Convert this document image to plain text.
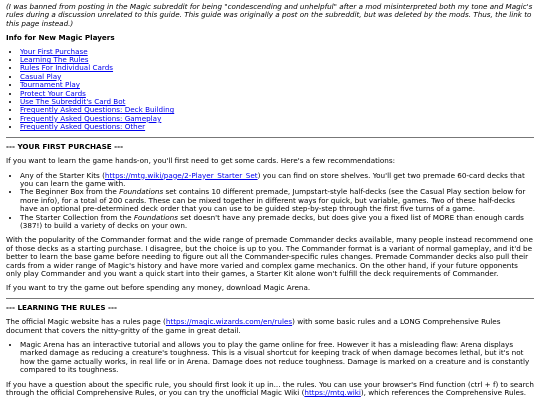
(I was banned from posting in the Magic subreddit for being "condescending and unhelpful" after a mod misinterpreted both my tone and Magic's rules during a discussion unrelated to this guide. This guide was originally a post on the subreddit, but was deleted by the mods. Thus, the link to this page instead.)

Info for New Magic Players

• Your First Purchase
• Learning The Rules
• Rules For Individual Cards
• Casual Play
• Tournament Play
• Protect Your Cards
• Use The Subreddit's Card Bot
• Frequently Asked Questions: Deck Building
• Frequently Asked Questions: Gameplay
• Frequently Asked Questions: Other

--- YOUR FIRST PURCHASE ---

If you want to learn the game hands-on, you'll first need to get some cards. Here's a few recommendations:

• Any of the Starter Kits (https://mtg.wiki/page/2-Player_Starter_Set) you can find on store shelves. You'll get two premade 60-card decks that you can learn the game with.
• The Beginner Box from the Foundations set contains 10 different premade, Jumpstart-style half-decks (see the Casual Play section below for more info), for a total of 200 cards. These can be mixed together in different ways for quick, but variable, games. Two of these half-decks have an optional pre-determined deck order that you can use to be guided step-by-step through the first five turns of a game.
• The Starter Collection from the Foundations set doesn't have any premade decks, but does give you a fixed list of MORE than enough cards (387!) to build a variety of decks on your own.

With the popularity of the Commander format and the wide range of premade Commander decks available, many people instead recommend one of those decks as a starting purchase. I disagree, but the choice is up to you. The Commander format is a variant of normal gameplay, and it'd be better to learn the base game before needing to figure out all the Commander-specific rules changes. Premade Commander decks also pull their cards from a wider range of Magic's history and have more varied and complex game mechanics. On the other hand, if your future opponents only play Commander and you want a quick start into their games, a Starter Kit alone won't fulfill the deck requirements of Commander.

If you want to try the game out before spending any money, download Magic Arena.

--- LEARNING THE RULES ---

The official Magic website has a rules page (https://magic.wizards.com/en/rules) with some basic rules and a LONG Comprehensive Rules document that covers the nitty-gritty of the game in great detail.

• Magic Arena has an interactive tutorial and allows you to play the game online for free. However it has a misleading flaw: Arena displays marked damage as reducing a creature's toughness. This is a visual shortcut for keeping track of when damage becomes lethal, but it's not how the game actually works, in real life or in Arena. Damage does not reduce toughness. Damage is marked on a creature and is constantly compared to its toughness.

If you have a question about the specific rule, you should first look it up in... the rules. You can use your browser's Find function (ctrl + f) to search through the official Comprehensive Rules, or you can try the unofficial Magic Wiki (https://mtg.wiki), which references the Comprehensive Rules.
